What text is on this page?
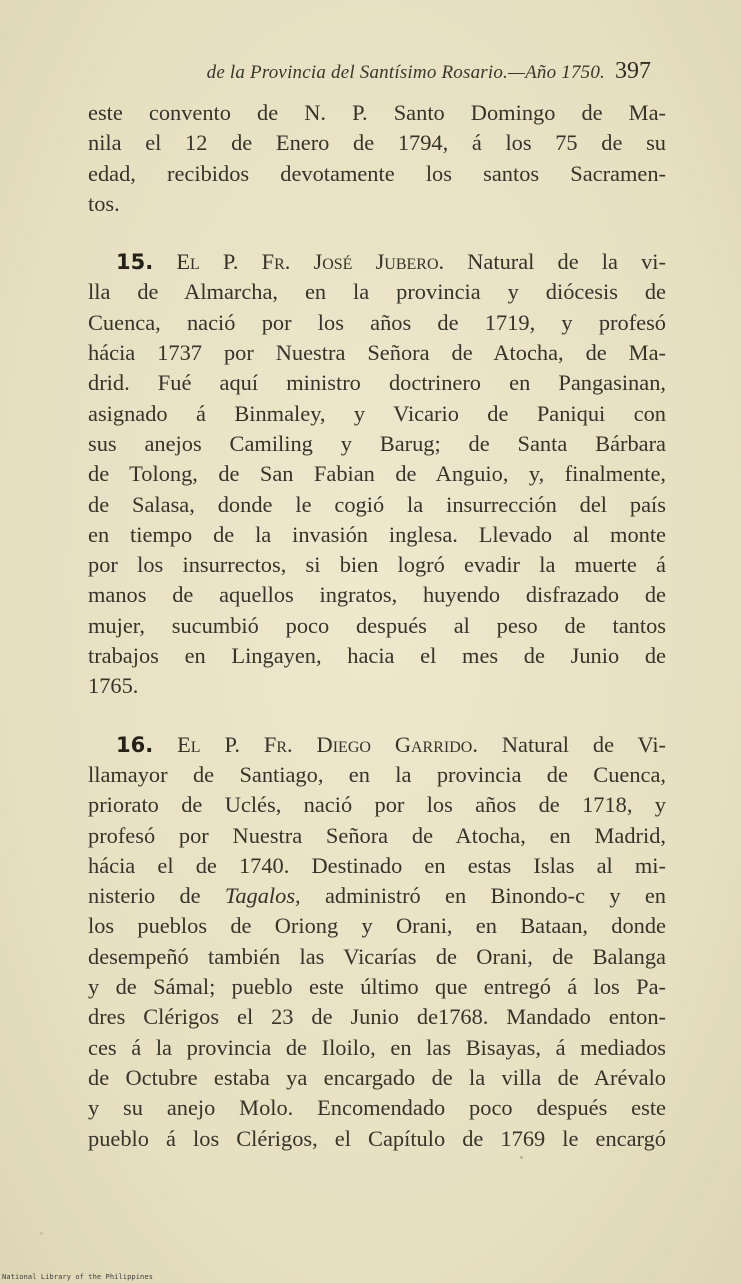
de la Provincia del Santísimo Rosario.—Año 1750. 397
este convento de N. P. Santo Domingo de Ma-
nila el 12 de Enero de 1794, á los 75 de su
edad, recibidos devotamente los santos Sacramen-
tos.
15. El P. Fr. José Jubero. Natural de la vi-
lla de Almarcha, en la provincia y diócesis de
Cuenca, nació por los años de 1719, y profesó
hácia 1737 por Nuestra Señora de Atocha, de Ma-
drid. Fué aquí ministro doctrinero en Pangasinan,
asignado á Binmaley, y Vicario de Paniqui con
sus anejos Camiling y Barug; de Santa Bárbara
de Tolong, de San Fabian de Anguio, y, finalmente,
de Salasa, donde le cogió la insurrección del país
en tiempo de la invasión inglesa. Llevado al monte
por los insurrectos, si bien logró evadir la muerte á
manos de aquellos ingratos, huyendo disfrazado de
mujer, sucumbió poco después al peso de tantos
trabajos en Lingayen, hacia el mes de Junio de
1765.
16. El P. Fr. Diego Garrido. Natural de Vi-
llamayor de Santiago, en la provincia de Cuenca,
priorato de Uclés, nació por los años de 1718, y
profesó por Nuestra Señora de Atocha, en Madrid,
hácia el de 1740. Destinado en estas Islas al mi-
nisterio de Tagalos, administró en Binondo-c y en
los pueblos de Oriong y Orani, en Bataan, donde
desempeñó también las Vicarías de Orani, de Balanga
y de Sámal; pueblo este último que entregó á los Pa-
dres Clérigos el 23 de Junio de1768. Mandado enton-
ces á la provincia de Iloilo, en las Bisayas, á mediados
de Octubre estaba ya encargado de la villa de Arévalo
y su anejo Molo. Encomendado poco después este
pueblo á los Clérigos, el Capítulo de 1769 le encargó
National Library of the Philippines
